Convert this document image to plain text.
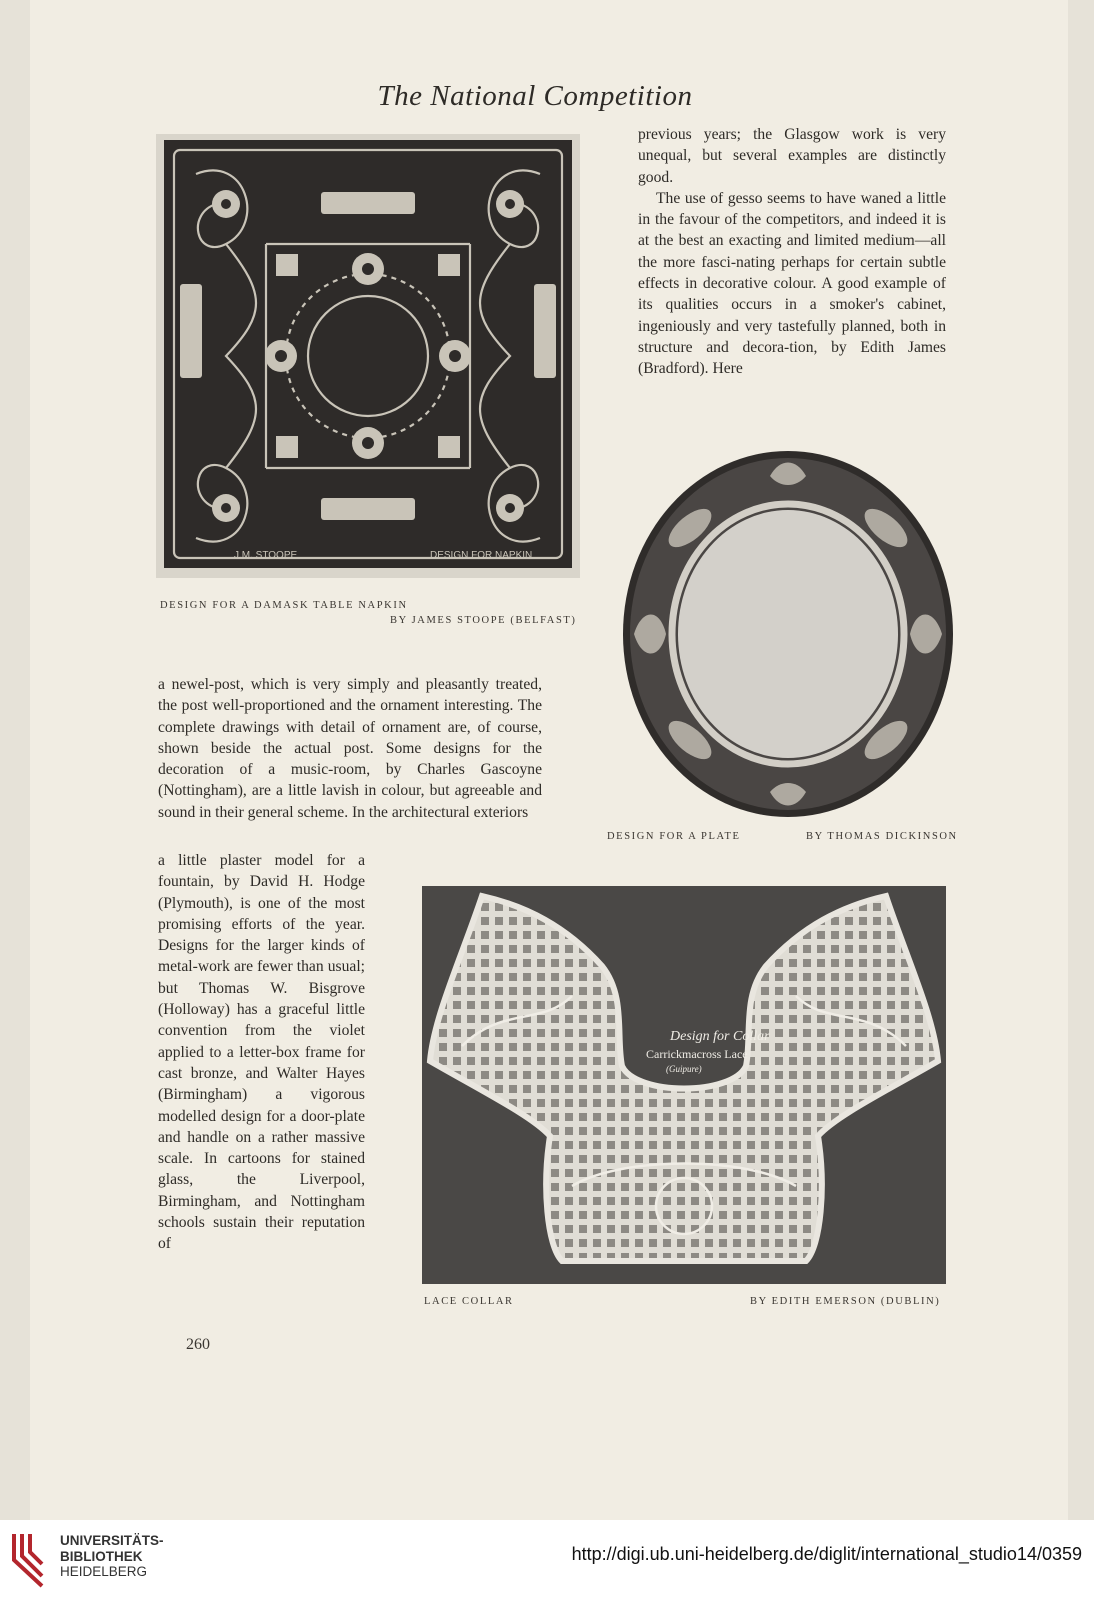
The National Competition
J.M. STOOPE	DESIGN FOR NAPKIN
DESIGN FOR A DAMASK TABLE NAPKIN
BY JAMES STOOPE (BELFAST)

previous years; the Glasgow work is very unequal, but several examples are distinctly good.

The use of gesso seems to have waned a little in the favour of the competitors, and indeed it is at the best an exacting and limited medium—all the more fasci-nating perhaps for certain subtle effects in decorative colour. A good example of its qualities occurs in a smoker's cabinet, ingeniously and very tastefully planned, both in structure and decora-tion, by Edith James (Bradford). Here

DESIGN FOR A PLATE	BY THOMAS DICKINSON

a newel-post, which is very simply and pleasantly treated, the post well-proportioned and the ornament interesting. The complete drawings with detail of ornament are, of course, shown beside the actual post. Some designs for the decoration of a music-room, by Charles Gascoyne (Nottingham), are a little lavish in colour, but agreeable and sound in their general scheme. In the architectural exteriors

a little plaster model for a fountain, by David H. Hodge (Plymouth), is one of the most promising efforts of the year. Designs for the larger kinds of metal-work are fewer than usual; but Thomas W. Bisgrove (Holloway) has a graceful little convention from the violet applied to a letter-box frame for cast bronze, and Walter Hayes (Birmingham) a vigorous modelled design for a door-plate and handle on a rather massive scale. In cartoons for stained glass, the Liverpool, Birmingham, and Nottingham schools sustain their reputation of

Design for Collar
Carrickmacross Lace
(Guipure)
LACE COLLAR	BY EDITH EMERSON (DUBLIN)
260
UNIVERSITÄTS-
BIBLIOTHEK
HEIDELBERG
http://digi.ub.uni-heidelberg.de/diglit/international_studio14/0359
